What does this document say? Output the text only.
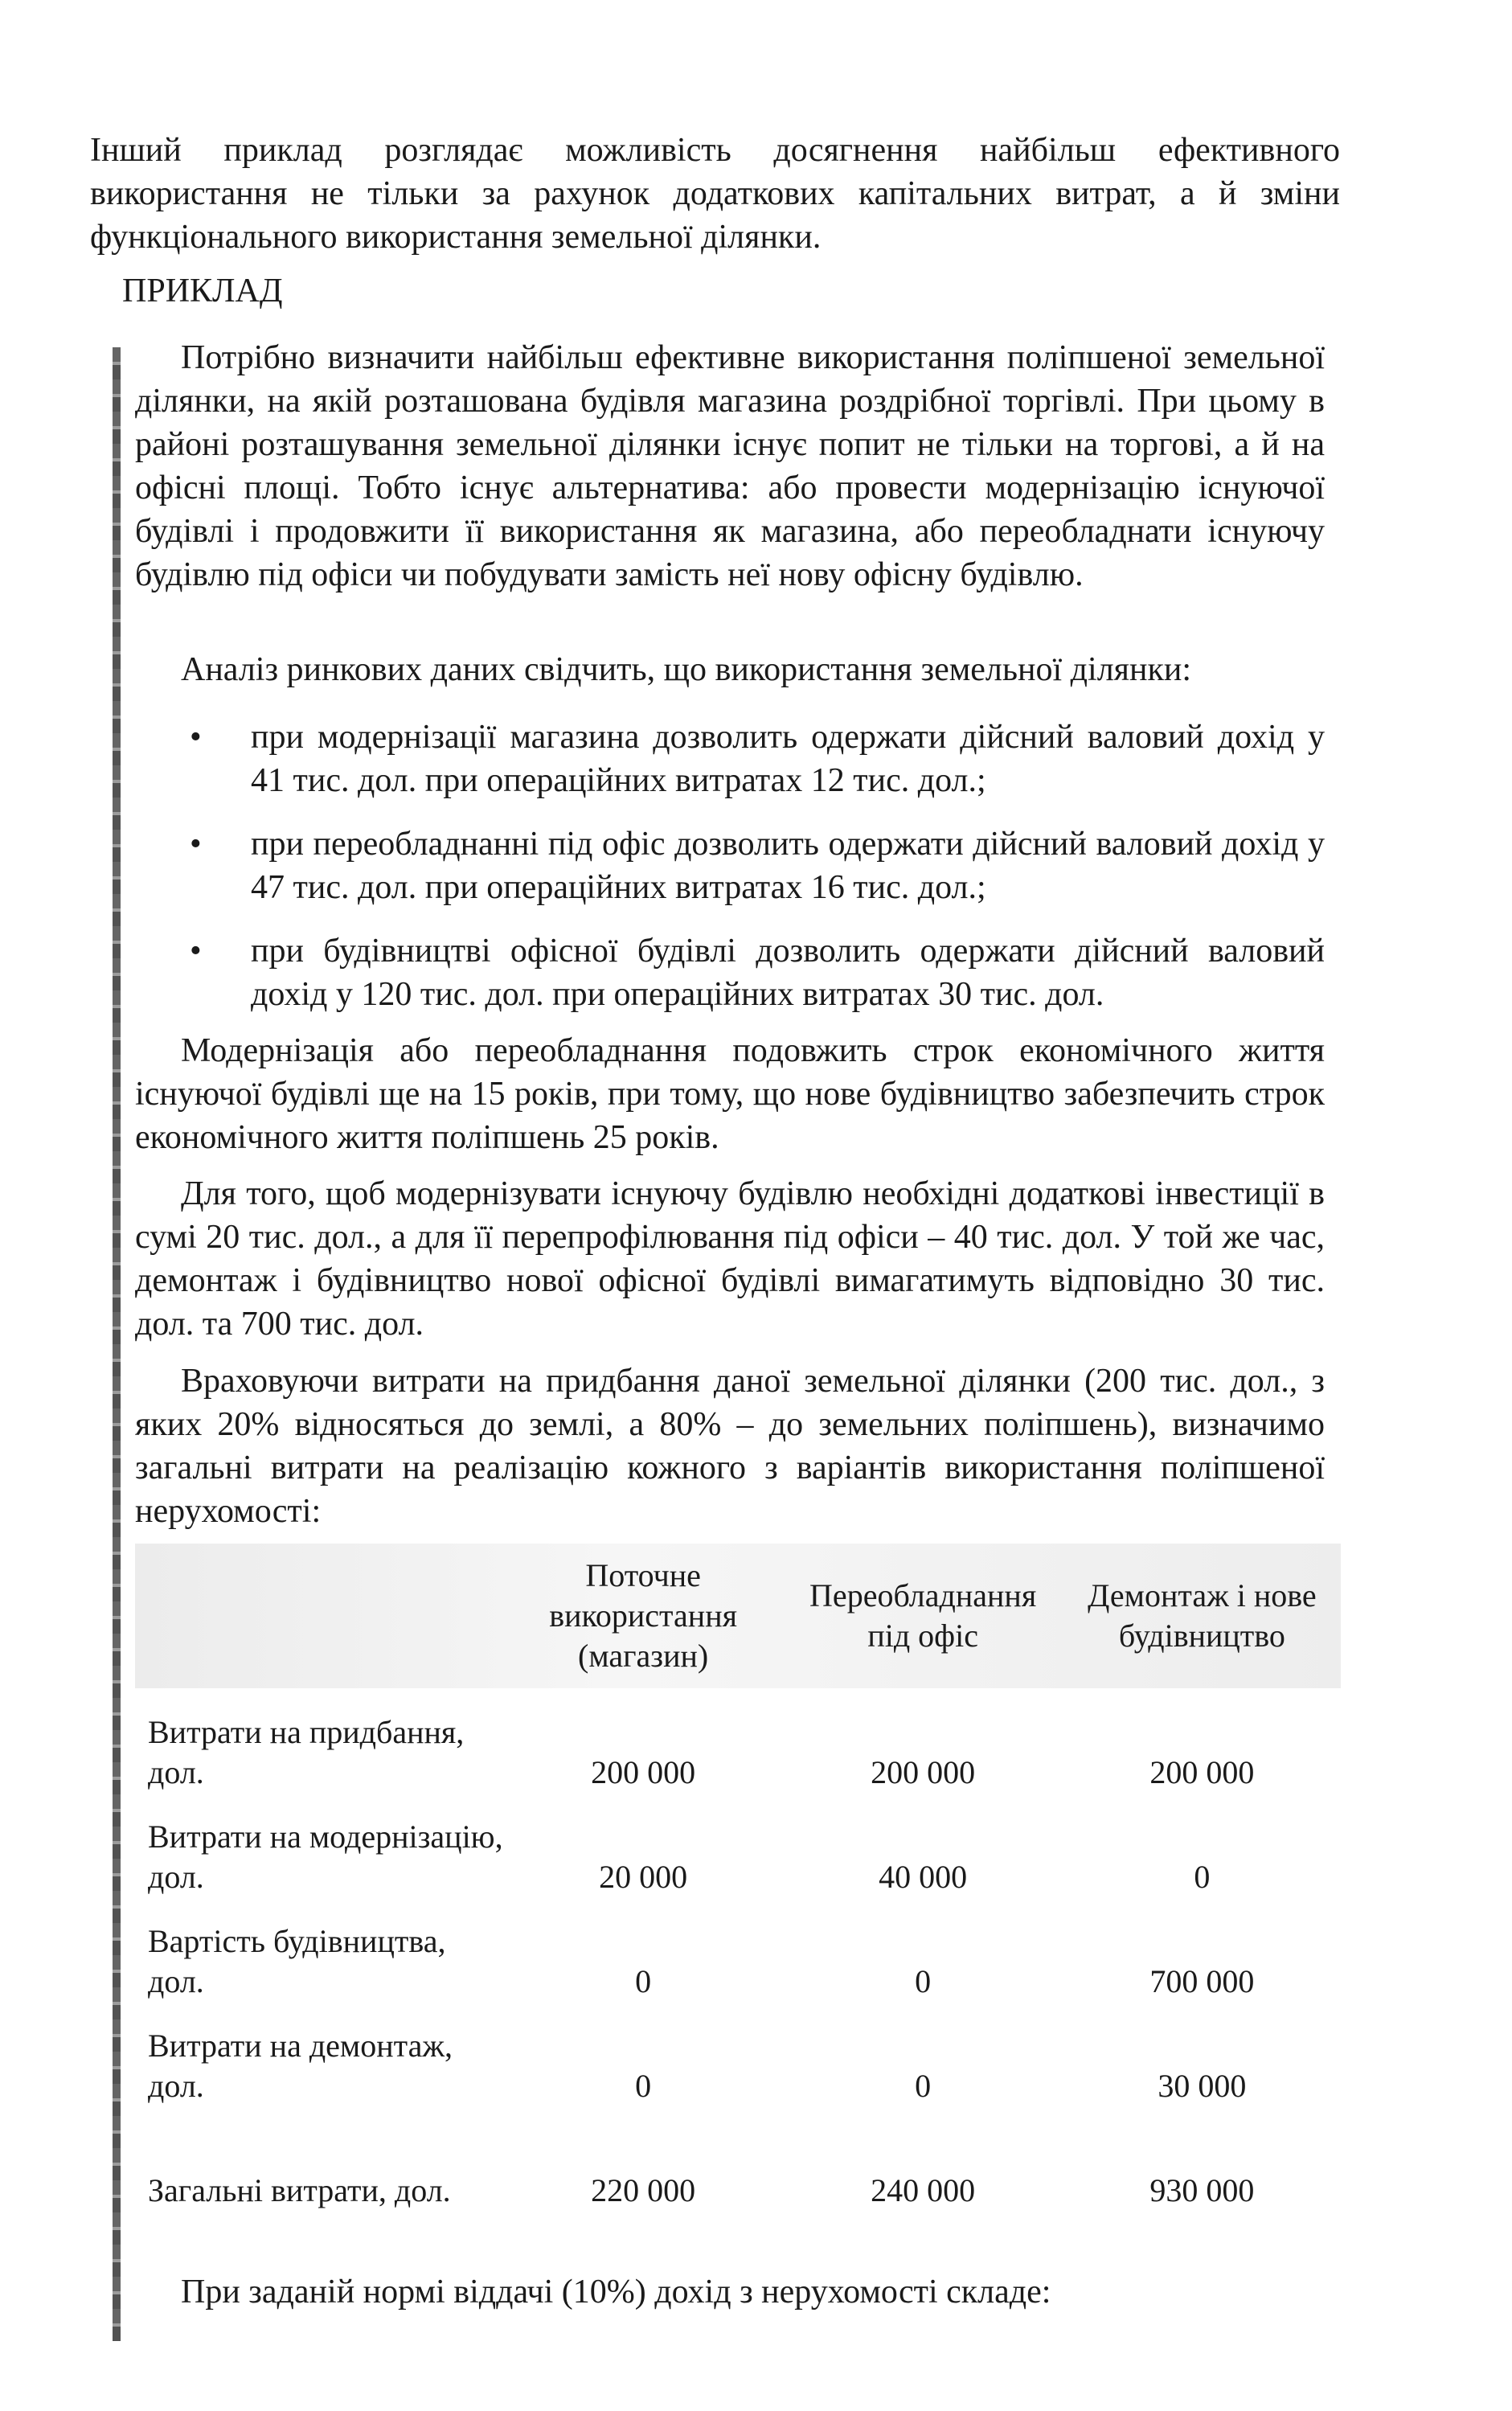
Інший приклад розглядає можливість досягнення найбільш ефективного використання не тільки за рахунок додаткових капітальних витрат, а й зміни функціонального використання земельної ділянки.

ПРИКЛАД

Потрібно визначити найбільш ефективне використання поліпшеної земельної ділянки, на якій розташована будівля магазина роздрібної торгівлі. При цьому в районі розташування земельної ділянки існує попит не тільки на торгові, а й на офісні площі. Тобто існує альтернатива: або провести модернізацію існуючої будівлі і продовжити її використання як магазина, або переобладнати існуючу будівлю під офіси чи побудувати замість неї нову офісну будівлю.

Аналіз ринкових даних свідчить, що використання земельної ділянки:

• при модернізації магазина дозволить одержати дійсний валовий дохід у 41 тис. дол. при операційних витратах 12 тис. дол.;
• при переобладнанні під офіс дозволить одержати дійсний валовий дохід у 47 тис. дол. при операційних витратах 16 тис. дол.;
• при будівництві офісної будівлі дозволить одержати дійсний валовий дохід у 120 тис. дол. при операційних витратах 30 тис. дол.

Модернізація або переобладнання подовжить строк економічного життя існуючої будівлі ще на 15 років, при тому, що нове будівництво забезпечить строк економічного життя поліпшень 25 років.

Для того, щоб модернізувати існуючу будівлю необхідні додаткові інвестиції в сумі 20 тис. дол., а для її перепрофілювання під офіси – 40 тис. дол. У той же час, демонтаж і будівництво нової офісної будівлі вимагатимуть відповідно 30 тис. дол. та 700 тис. дол.

Враховуючи витрати на придбання даної земельної ділянки (200 тис. дол., з яких 20% відносяться до землі, а 80% – до земельних поліпшень), визначимо загальні витрати на реалізацію кожного з варіантів використання поліпшеної нерухомості:

	Поточне використання (магазин)	Переобладнання під офіс	Демонтаж і нове будівництво
Витрати на придбання, дол.	200 000	200 000	200 000
Витрати на модернізацію, дол.	20 000	40 000	0
Вартість будівництва, дол.	0	0	700 000
Витрати на демонтаж, дол.	0	0	30 000
Загальні витрати, дол.	220 000	240 000	930 000

При заданій нормі віддачі (10%) дохід з нерухомості складе:
